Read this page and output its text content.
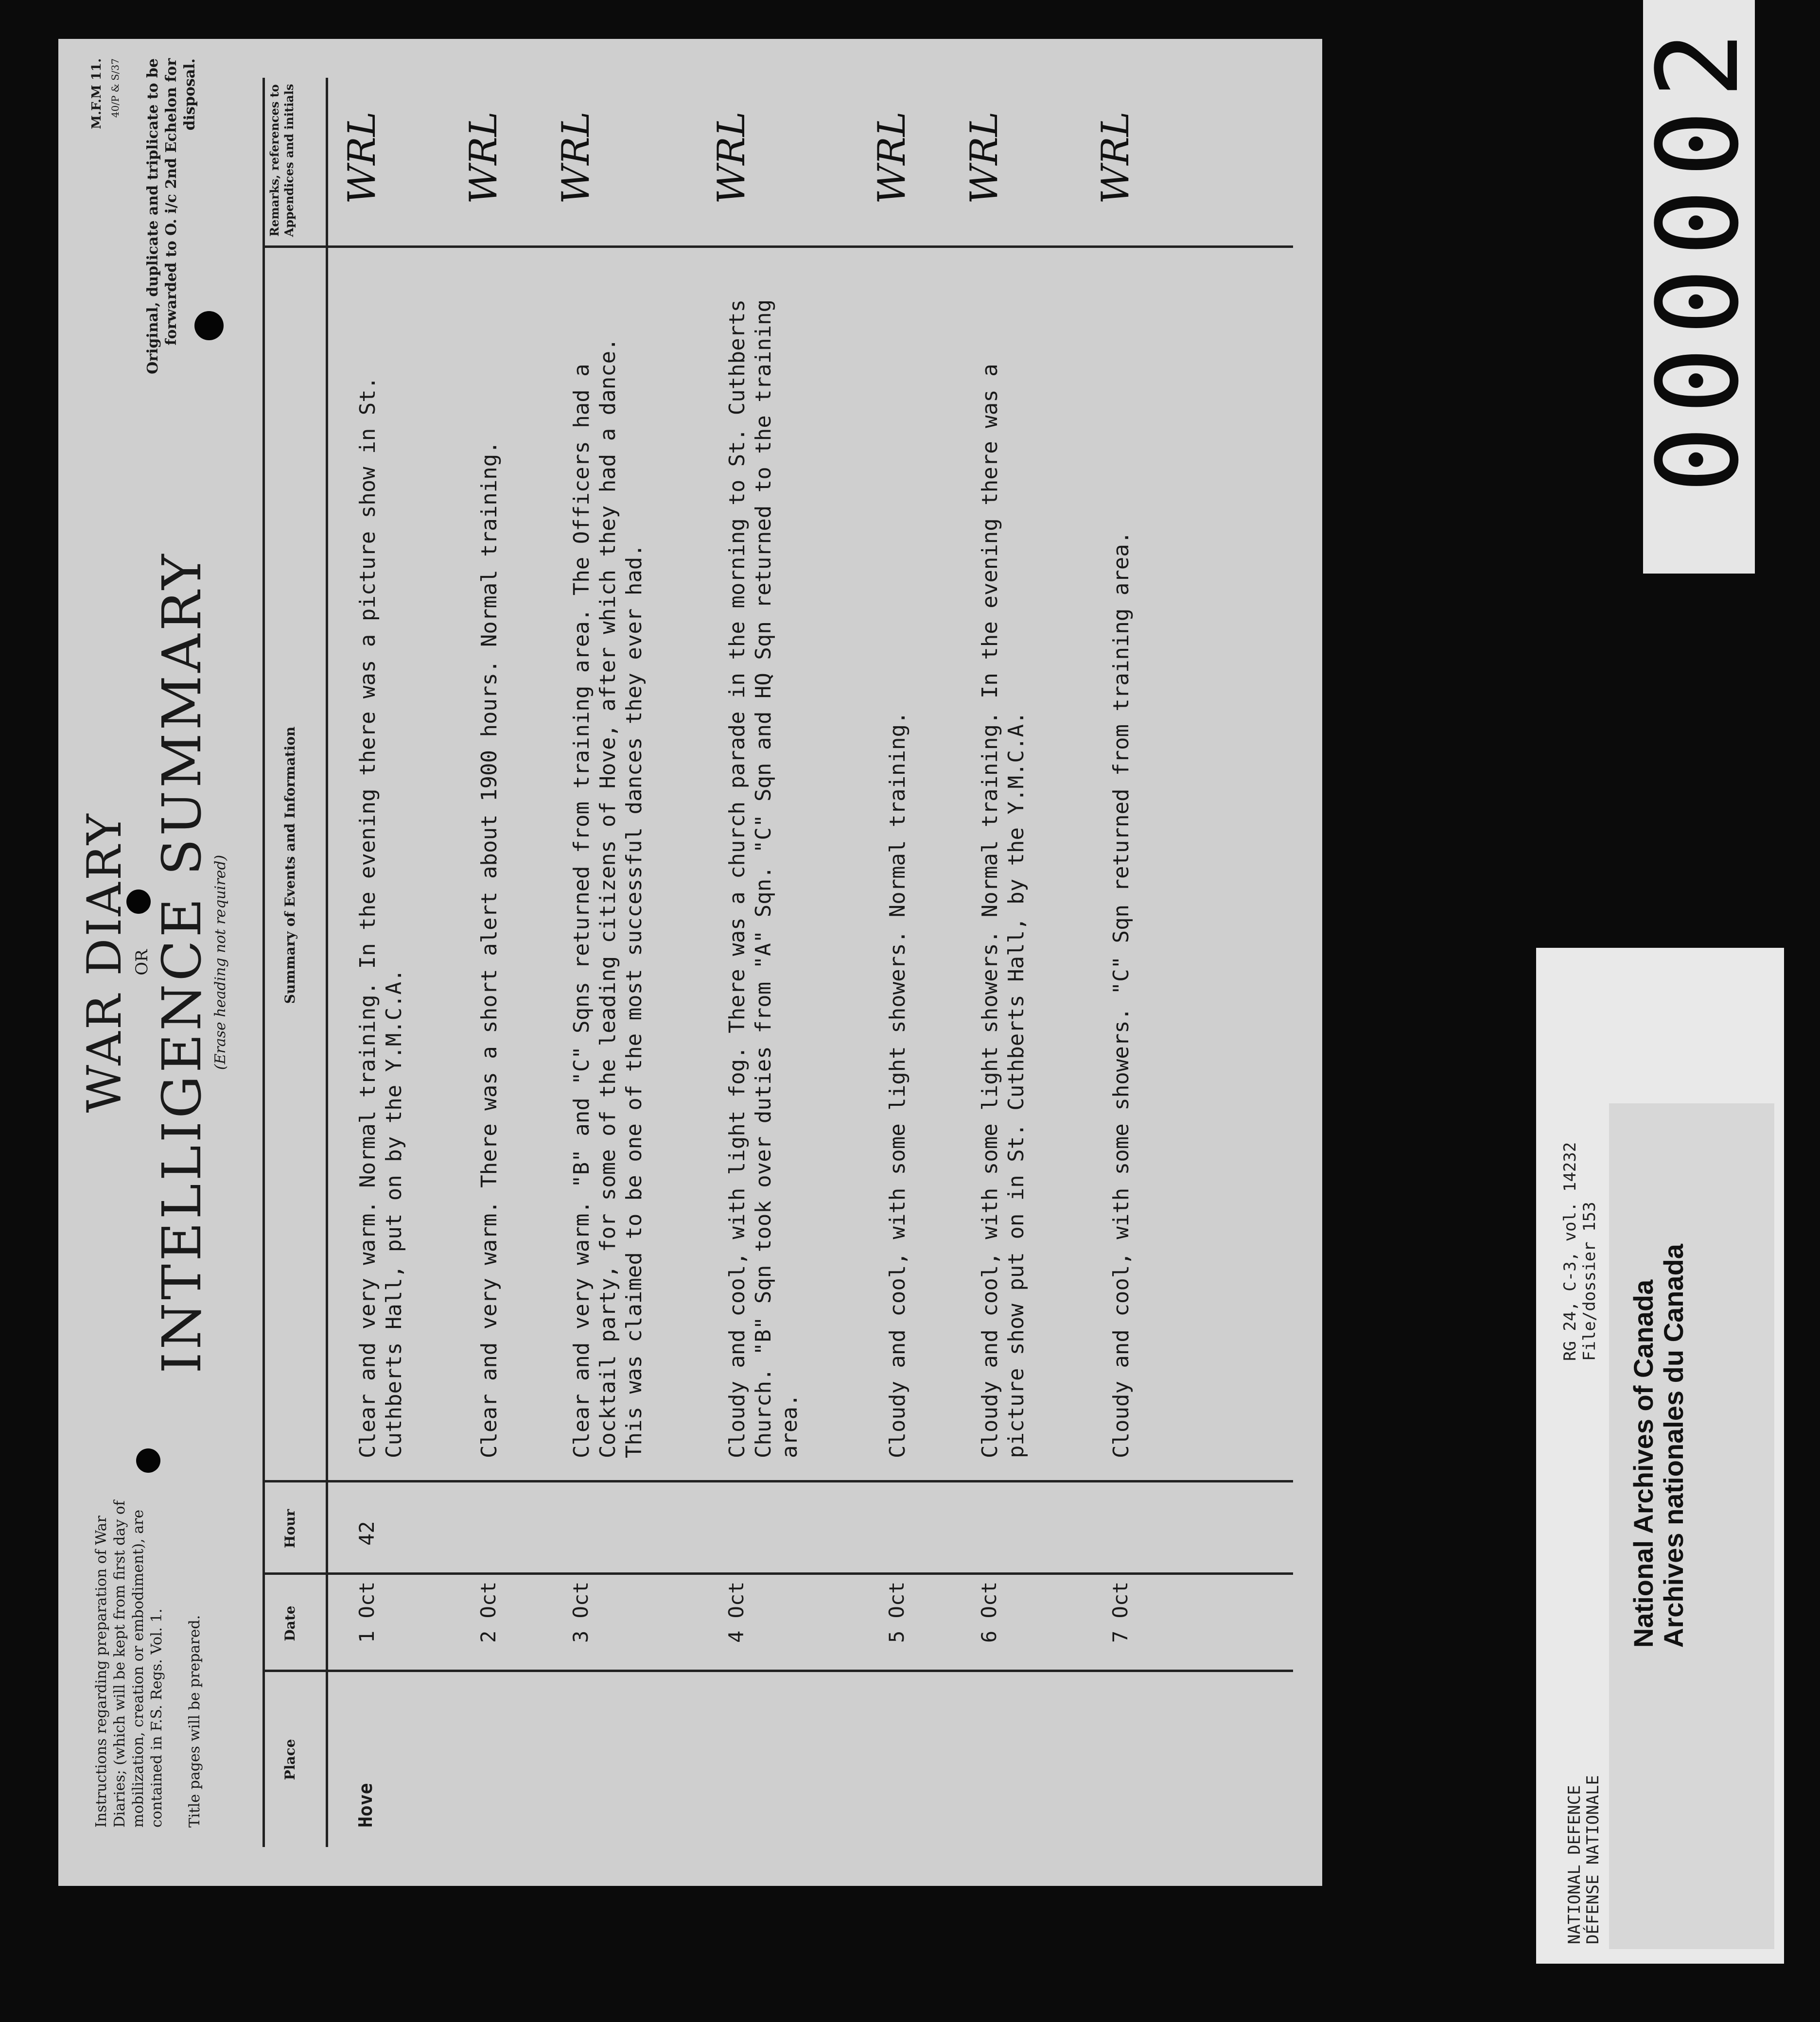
Instructions regarding preparation of War Diaries; (which will be kept from first day of mobilization, creation or embodiment), are contained in F.S. Regs. Vol. 1. Title pages will be prepared.
WAR DIARY OR
INTELLIGENCE SUMMARY
(Erase heading not required)
M.F.M 11. 40/P & S/37 Original, duplicate and triplicate to be forwarded to O. i/c 2nd Echelon for disposal.
Place
Date
Hour
Summary of Events and Information
Remarks, references to Appendices and initials
Hove
1 Oct
42
Clear and very warm. Normal training. In the evening there was a picture show in St.
Cuthberts Hall, put on by the Y.M.C.A.
WRL
2 Oct
Clear and very warm. There was a short alert about 1900 hours. Normal training.
WRL
3 Oct
Clear and very warm. "B" and "C" Sqns returned from training area. The Officers had a
Cocktail party, for some of the leading citizens of Hove, after which they had a dance.
This was claimed to be one of the most successful dances they ever had.
WRL
4 Oct
Cloudy and cool, with light fog. There was a church parade in the morning to St. Cuthberts
Church. "B" Sqn took over duties from "A" Sqn. "C" Sqn and HQ Sqn returned to the training
area.
WRL
5 Oct
Cloudy and cool, with some light showers. Normal training.
WRL
6 Oct
Cloudy and cool, with some light showers. Normal training. In the evening there was a
picture show put on in St. Cuthberts Hall, by the Y.M.C.A.
WRL
7 Oct
Cloudy and cool, with some showers. "C" Sqn returned from training area.
WRL	000002
NATIONAL DEFENCE
DÉFENSE NATIONALE
RG 24, C-3, vol. 14232 File/dossier 153 National Archives of Canada Archives nationales du Canada
